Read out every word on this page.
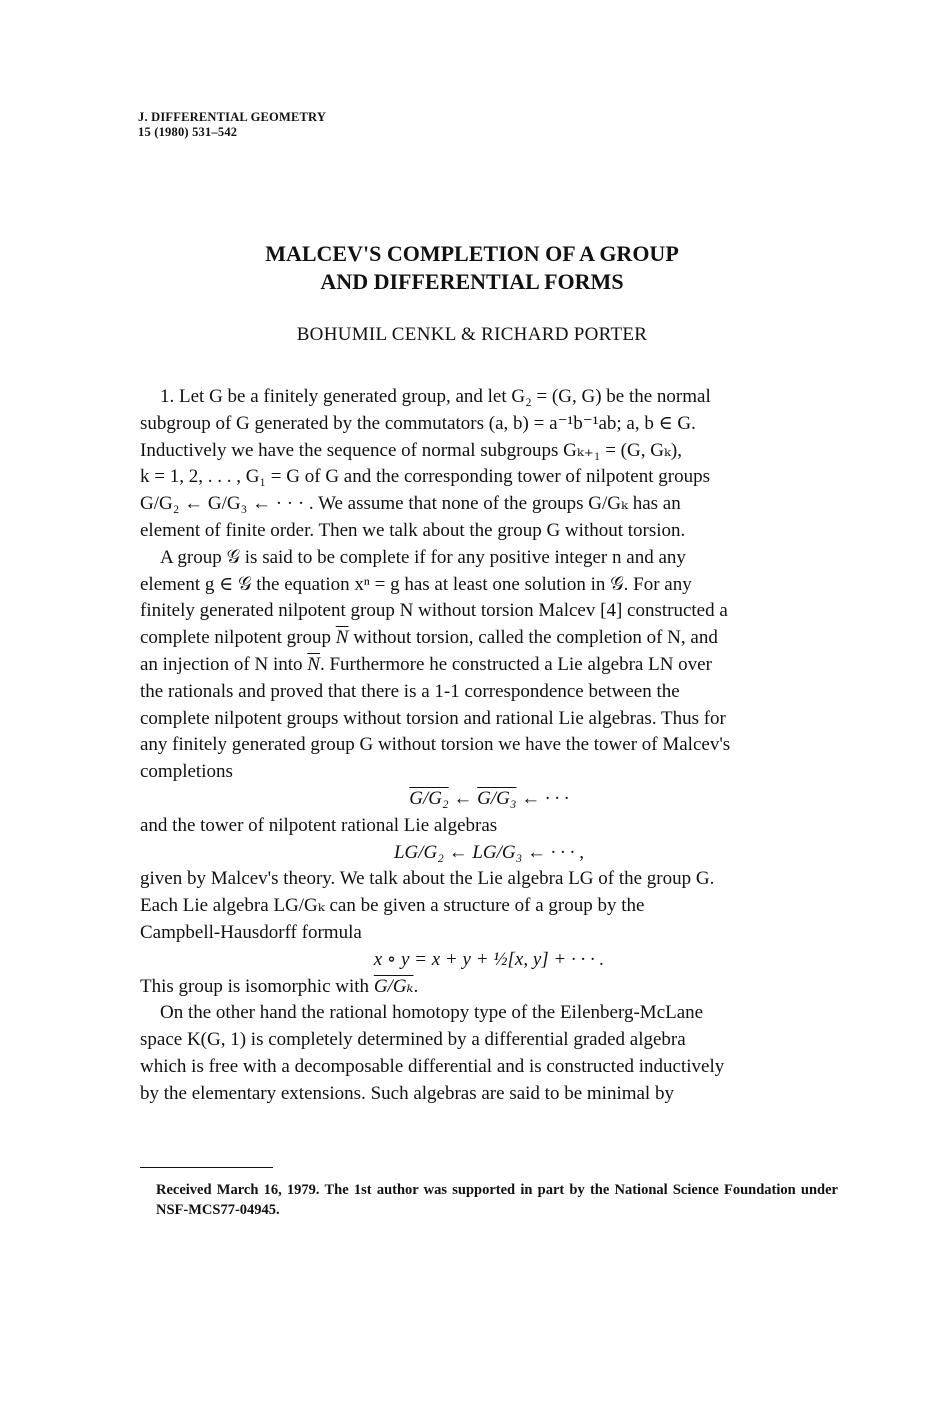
J. DIFFERENTIAL GEOMETRY
15 (1980) 531–542
MALCEV'S COMPLETION OF A GROUP
AND DIFFERENTIAL FORMS
BOHUMIL CENKL & RICHARD PORTER

1. Let G be a finitely generated group, and let G₂ = (G, G) be the normal

subgroup of G generated by the commutators (a, b) = a⁻¹b⁻¹ab; a, b ∈ G.

Inductively we have the sequence of normal subgroups Gₖ₊₁ = (G, Gₖ),

k = 1, 2, . . . , G₁ = G of G and the corresponding tower of nilpotent groups

G/G₂ ← G/G₃ ← · · · . We assume that none of the groups G/Gₖ has an

element of finite order. Then we talk about the group G without torsion.

A group 𝒢 is said to be complete if for any positive integer n and any

element g ∈ 𝒢 the equation xⁿ = g has at least one solution in 𝒢. For any

finitely generated nilpotent group N without torsion Malcev [4] constructed a

complete nilpotent group $\overline{N}$ without torsion, called the completion of N, and

an injection of N into $\overline{N}$. Furthermore he constructed a Lie algebra LN over

the rationals and proved that there is a 1-1 correspondence between the

complete nilpotent groups without torsion and rational Lie algebras. Thus for

any finitely generated group G without torsion we have the tower of Malcev's

completions

G/G₂ ← G/G₃ ← · · ·

and the tower of nilpotent rational Lie algebras

LG/G₂ ← LG/G₃ ← · · · ,

given by Malcev's theory. We talk about the Lie algebra LG of the group G.

Each Lie algebra LG/Gₖ can be given a structure of a group by the

Campbell-Hausdorff formula

x ∘ y = x + y + ½[x, y] + · · · .

This group is isomorphic with G/Gₖ.

On the other hand the rational homotopy type of the Eilenberg-McLane

space K(G, 1) is completely determined by a differential graded algebra

which is free with a decomposable differential and is constructed inductively

by the elementary extensions. Such algebras are said to be minimal by

Received March 16, 1979. The 1st author was supported in part by the National Science Foundation under NSF-MCS77-04945.
